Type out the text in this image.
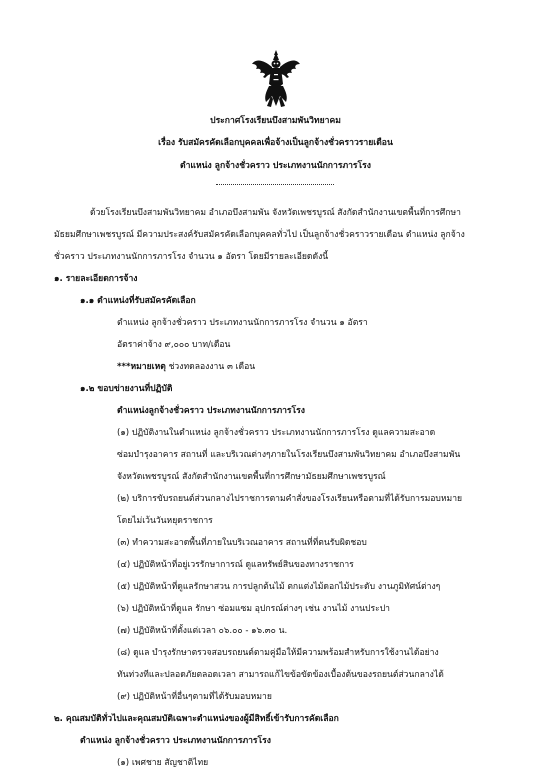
ประกาศโรงเรียนบึงสามพันวิทยาคม
เรื่อง รับสมัครคัดเลือกบุคคลเพื่อจ้างเป็นลูกจ้างชั่วคราวรายเดือน
ตำแหน่ง ลูกจ้างชั่วคราว ประเภทงานนักการภารโรง
ด้วยโรงเรียนบึงสามพันวิทยาคม อำเภอบึงสามพัน จังหวัดเพชรบูรณ์ สังกัดสำนักงานเขตพื้นที่การศึกษา
มัธยมศึกษาเพชรบูรณ์ มีความประสงค์รับสมัครคัดเลือกบุคคลทั่วไป เป็นลูกจ้างชั่วคราวรายเดือน ตำแหน่ง ลูกจ้าง
ชั่วคราว ประเภทงานนักการภารโรง จำนวน ๑ อัตรา โดยมีรายละเอียดดังนี้
๑. รายละเอียดการจ้าง
๑.๑ ตำแหน่งที่รับสมัครคัดเลือก
ตำแหน่ง ลูกจ้างชั่วคราว ประเภทงานนักการภารโรง จำนวน ๑ อัตรา
อัตราค่าจ้าง ๙,๐๐๐ บาท/เดือน
***หมายเหตุ ช่วงทดลองงาน ๓ เดือน
๑.๒ ขอบข่ายงานที่ปฏิบัติ
ตำแหน่งลูกจ้างชั่วคราว ประเภทงานนักการภารโรง
(๑) ปฏิบัติงานในตำแหน่ง ลูกจ้างชั่วคราว ประเภทงานนักการภารโรง ดูแลความสะอาด
ซ่อมบำรุงอาคาร สถานที่ และบริเวณต่างๆภายในโรงเรียนบึงสามพันวิทยาคม อำเภอบึงสามพัน
จังหวัดเพชรบูรณ์ สังกัดสำนักงานเขตพื้นที่การศึกษามัธยมศึกษาเพชรบูรณ์
(๒) บริการขับรถยนต์ส่วนกลางไปราชการตามคำสั่งของโรงเรียนหรือตามที่ได้รับการมอบหมาย
โดยไม่เว้นวันหยุดราชการ
(๓) ทำความสะอาดพื้นที่ภายในบริเวณอาคาร สถานที่ที่ตนรับผิดชอบ
(๔) ปฏิบัติหน้าที่อยู่เวรรักษาการณ์ ดูแลทรัพย์สินของทางราชการ
(๕) ปฏิบัติหน้าที่ดูแลรักษาสวน การปลูกต้นไม้ ตกแต่งไม้ดอกไม้ประดับ งานภูมิทัศน์ต่างๆ
(๖) ปฏิบัติหน้าที่ดูแล รักษา ซ่อมแซม อุปกรณ์ต่างๆ เช่น งานไม้ งานประปา
(๗) ปฏิบัติหน้าที่ตั้งแต่เวลา ๐๖.๐๐ - ๑๖.๓๐ น.
(๘) ดูแล บำรุงรักษาตรวจสอบรถยนต์ตามคู่มือให้มีความพร้อมสำหรับการใช้งานได้อย่าง
ทันท่วงทีและปลอดภัยตลอดเวลา สามารถแก้ไขข้อขัดข้องเบื้องต้นของรถยนต์ส่วนกลางได้
(๙) ปฏิบัติหน้าที่อื่นๆตามที่ได้รับมอบหมาย
๒. คุณสมบัติทั่วไปและคุณสมบัติเฉพาะตำแหน่งของผู้มีสิทธิ์เข้ารับการคัดเลือก
ตำแหน่ง ลูกจ้างชั่วคราว ประเภทงานนักการภารโรง
(๑) เพศชาย สัญชาติไทย
